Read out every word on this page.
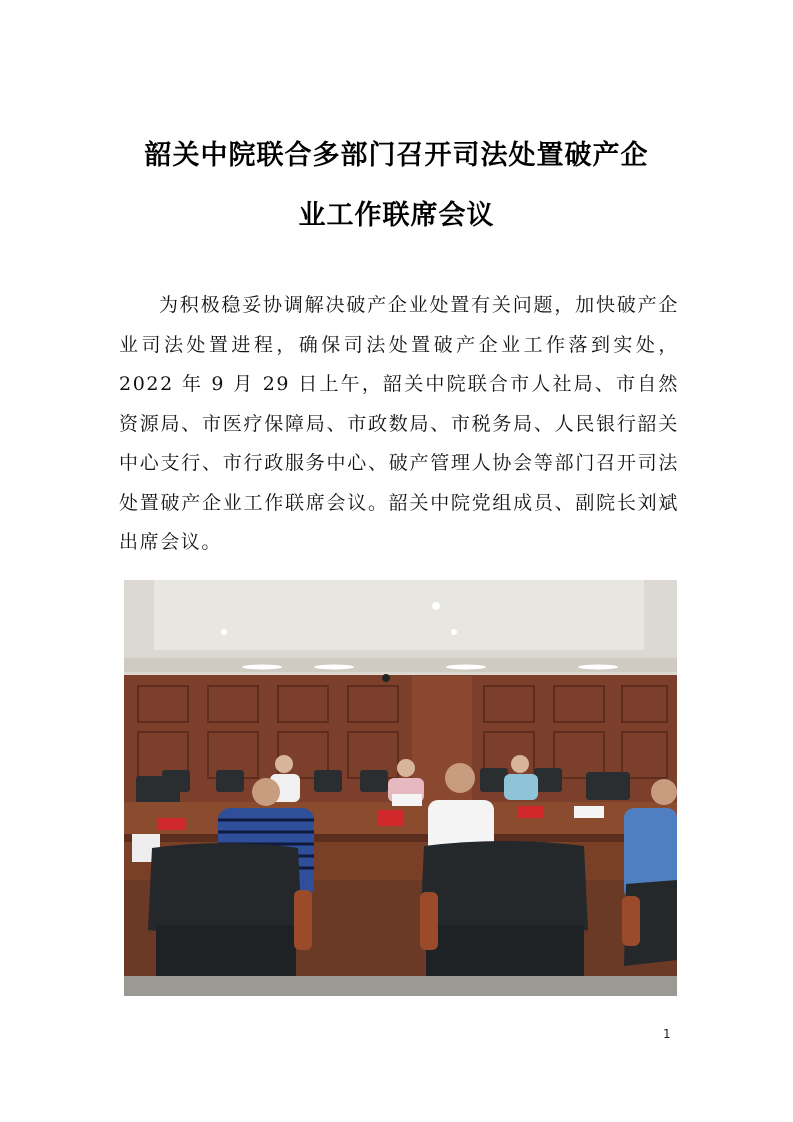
韶关中院联合多部门召开司法处置破产企
业工作联席会议

为积极稳妥协调解决破产企业处置有关问题，加快破产企业司法处置进程，确保司法处置破产企业工作落到实处，2022 年 9 月 29 日上午，韶关中院联合市人社局、市自然资源局、市医疗保障局、市政数局、市税务局、人民银行韶关中心支行、市行政服务中心、破产管理人协会等部门召开司法处置破产企业工作联席会议。韶关中院党组成员、副院长刘斌出席会议。

1
